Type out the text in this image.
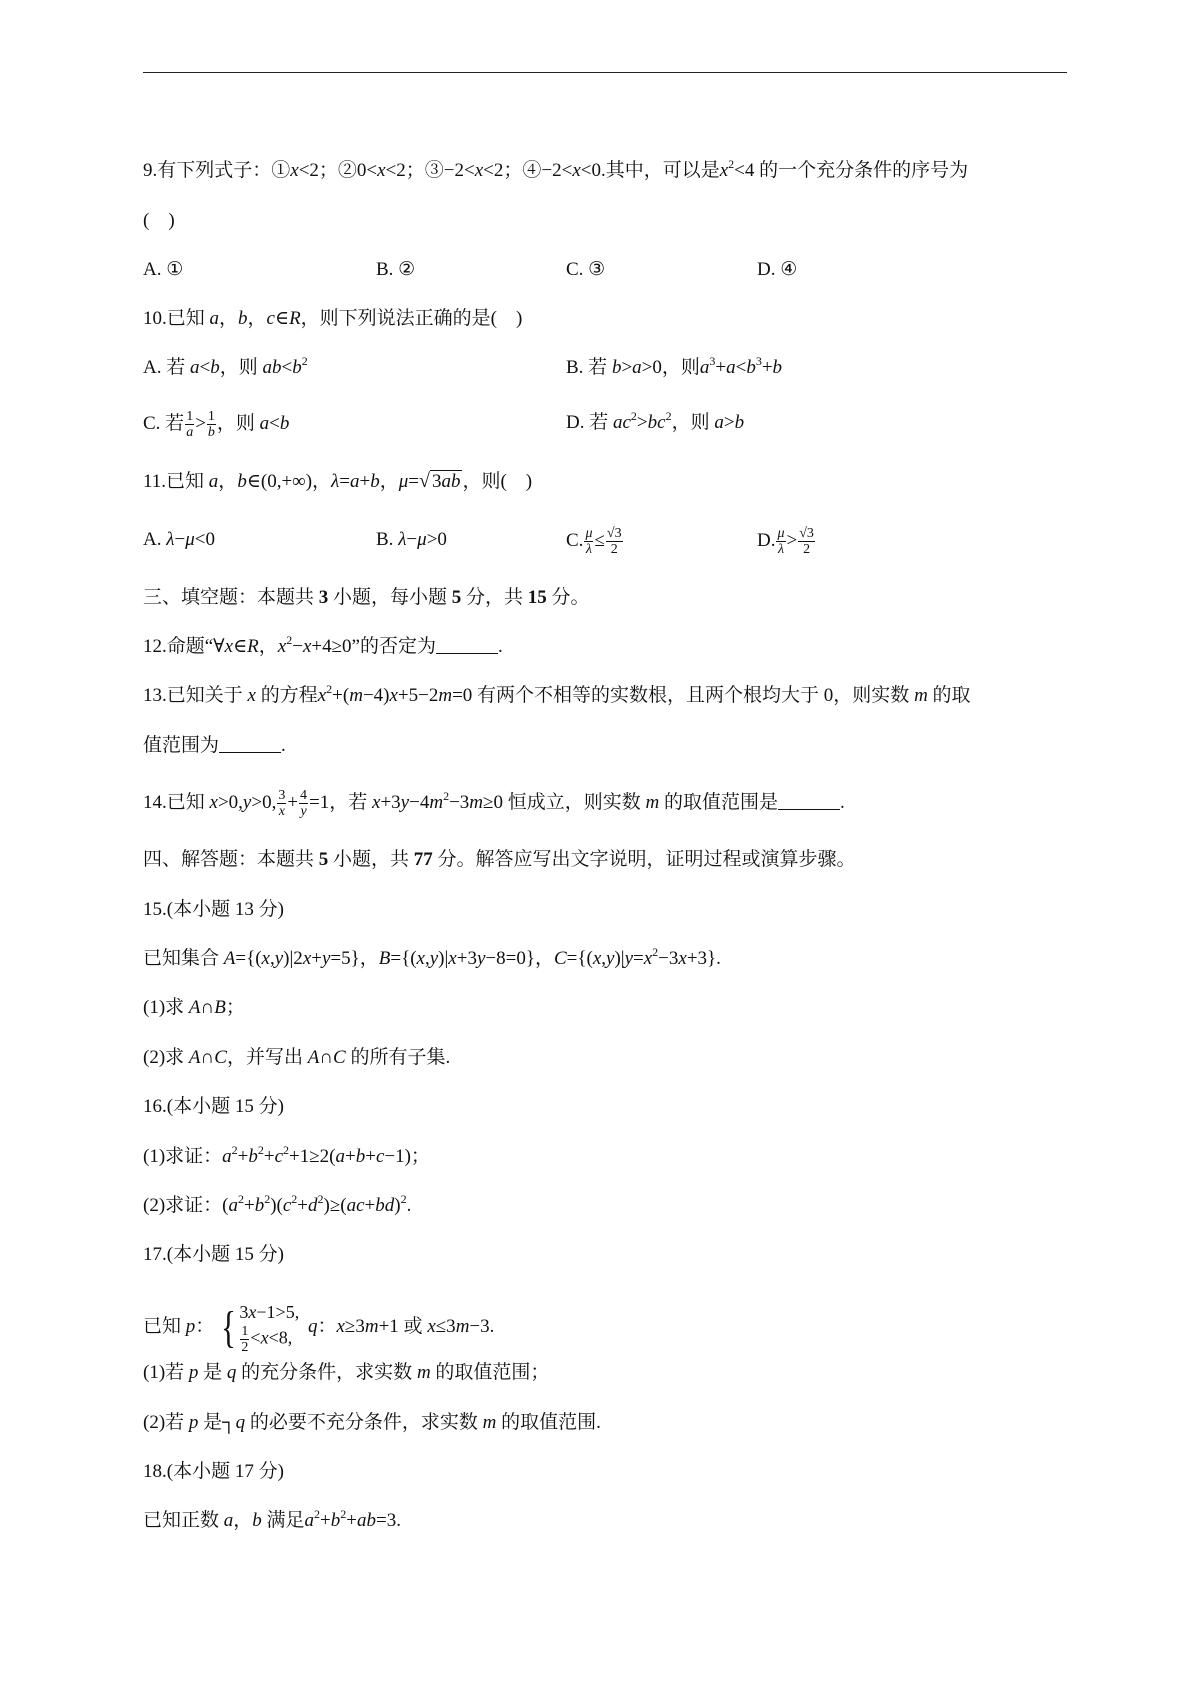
9.有下列式子：①x<2；②0<x<2；③−2<x<2；④−2<x<0.其中，可以是$x^2<4$ 的一个充分条件的序号为
(　)
A. ①	B. ②	C. ③	D. ④
10.已知 a，b，c∈R，则下列说法正确的是(　)
A. 若 a<b，则 $ab<b^2$	B. 若 b>a>0，则$a^3+a<b^3+b$
C. 若 $\frac{1}{a} > \frac{1}{b}$ ，则 a<b	D. 若 $ac^2>bc^2$，则 a>b
11.已知 a，b∈(0,+∞)，λ=a+b，μ=√ 3ab ，则(　)
A. λ−μ<0	B. λ−μ>0	C. $\frac{\mu}{\lambda} \le \frac{√3}{2}$	D. $\frac{\mu}{\lambda} > \frac{√3}{2}$
三、填空题：本题共 3 小题，每小题 5 分，共 15 分。
12.命题“∀x∈R，$x^2-x+4\ge 0$”的否定为	.
13.已知关于 x 的方程$x^2+(m-4)x+5-2m=0$ 有两个不相等的实数根，且两个根均大于 0，则实数 m 的取
值范围为	.
14.已知 x>0,y>0, $\frac{3}{x} + \frac{4}{y} =1$，若 $x+3y-4m^2-3m\ge 0$ 恒成立，则实数 m 的取值范围是	.
四、解答题：本题共 5 小题，共 77 分。解答应写出文字说明，证明过程或演算步骤。
15.(本小题 13 分)
已知集合 A={(x,y)|2x+y=5}，B={(x,y)|x+3y−8=0}，$C=\{(x,y)|y=x^2-3x+3\}$.
(1)求 A∩B；
(2)求 A∩C，并写出 A∩C 的所有子集.
16.(本小题 15 分)
(1)求证：$a^2+b^2+c^2+1\ge 2(a+b+c-1)$；
(2)求证：$(a^2+b^2)(c^2+d^2)\ge(ac+bd)^2$.
17.(本小题 15 分)
已知 p： { 3x−1>5,
$\frac{1}{2} <x<8$,
q：x≥3m+1 或 x≤3m−3.
(1)若 p 是 q 的充分条件，求实数 m 的取值范围；
(2)若 p 是┐q 的必要不充分条件，求实数 m 的取值范围.
18.(本小题 17 分)
已知正数 a，b 满足$a^2+b^2+ab=3$.
